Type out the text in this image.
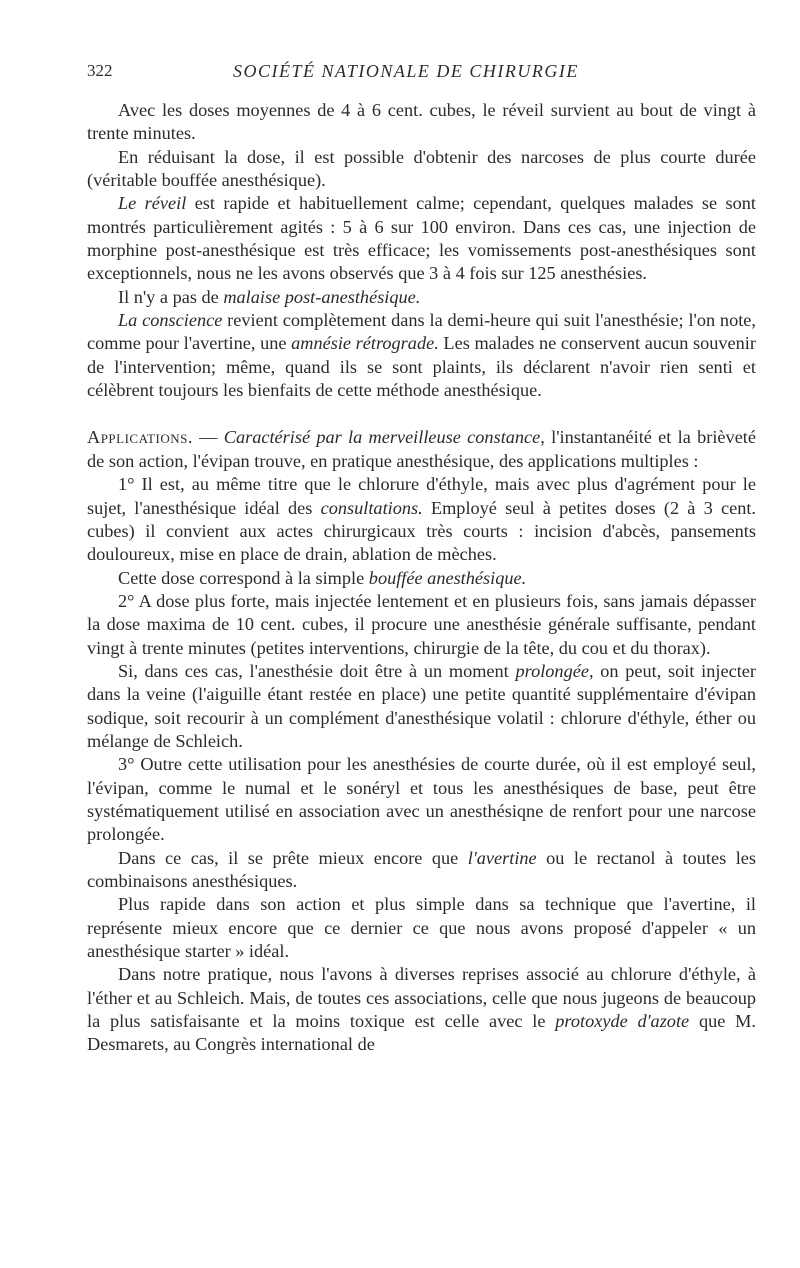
322	SOCIÉTÉ NATIONALE DE CHIRURGIE

Avec les doses moyennes de 4 à 6 cent. cubes, le réveil survient au bout de vingt à trente minutes.

En réduisant la dose, il est possible d'obtenir des narcoses de plus courte durée (véritable bouffée anesthésique).

Le réveil est rapide et habituellement calme; cependant, quelques malades se sont montrés particulièrement agités : 5 à 6 sur 100 environ. Dans ces cas, une injection de morphine post-anesthésique est très efficace; les vomissements post-anesthésiques sont exceptionnels, nous ne les avons observés que 3 à 4 fois sur 125 anesthésies.

Il n'y a pas de malaise post-anesthésique.

La conscience revient complètement dans la demi-heure qui suit l'anesthésie; l'on note, comme pour l'avertine, une amnésie rétrograde. Les malades ne conservent aucun souvenir de l'intervention; même, quand ils se sont plaints, ils déclarent n'avoir rien senti et célèbrent toujours les bienfaits de cette méthode anesthésique.

Applications. — Caractérisé par la merveilleuse constance, l'instantanéité et la brièveté de son action, l'évipan trouve, en pratique anesthésique, des applications multiples :

1° Il est, au même titre que le chlorure d'éthyle, mais avec plus d'agrément pour le sujet, l'anesthésique idéal des consultations. Employé seul à petites doses (2 à 3 cent. cubes) il convient aux actes chirurgicaux très courts : incision d'abcès, pansements douloureux, mise en place de drain, ablation de mèches.

Cette dose correspond à la simple bouffée anesthésique.

2° A dose plus forte, mais injectée lentement et en plusieurs fois, sans jamais dépasser la dose maxima de 10 cent. cubes, il procure une anesthésie générale suffisante, pendant vingt à trente minutes (petites interventions, chirurgie de la tête, du cou et du thorax).

Si, dans ces cas, l'anesthésie doit être à un moment prolongée, on peut, soit injecter dans la veine (l'aiguille étant restée en place) une petite quantité supplémentaire d'évipan sodique, soit recourir à un complément d'anesthésique volatil : chlorure d'éthyle, éther ou mélange de Schleich.

3° Outre cette utilisation pour les anesthésies de courte durée, où il est employé seul, l'évipan, comme le numal et le sonéryl et tous les anesthésiques de base, peut être systématiquement utilisé en association avec un anesthésiqne de renfort pour une narcose prolongée.

Dans ce cas, il se prête mieux encore que l'avertine ou le rectanol à toutes les combinaisons anesthésiques.

Plus rapide dans son action et plus simple dans sa technique que l'avertine, il représente mieux encore que ce dernier ce que nous avons proposé d'appeler « un anesthésique starter » idéal.

Dans notre pratique, nous l'avons à diverses reprises associé au chlorure d'éthyle, à l'éther et au Schleich. Mais, de toutes ces associations, celle que nous jugeons de beaucoup la plus satisfaisante et la moins toxique est celle avec le protoxyde d'azote que M. Desmarets, au Congrès international de
